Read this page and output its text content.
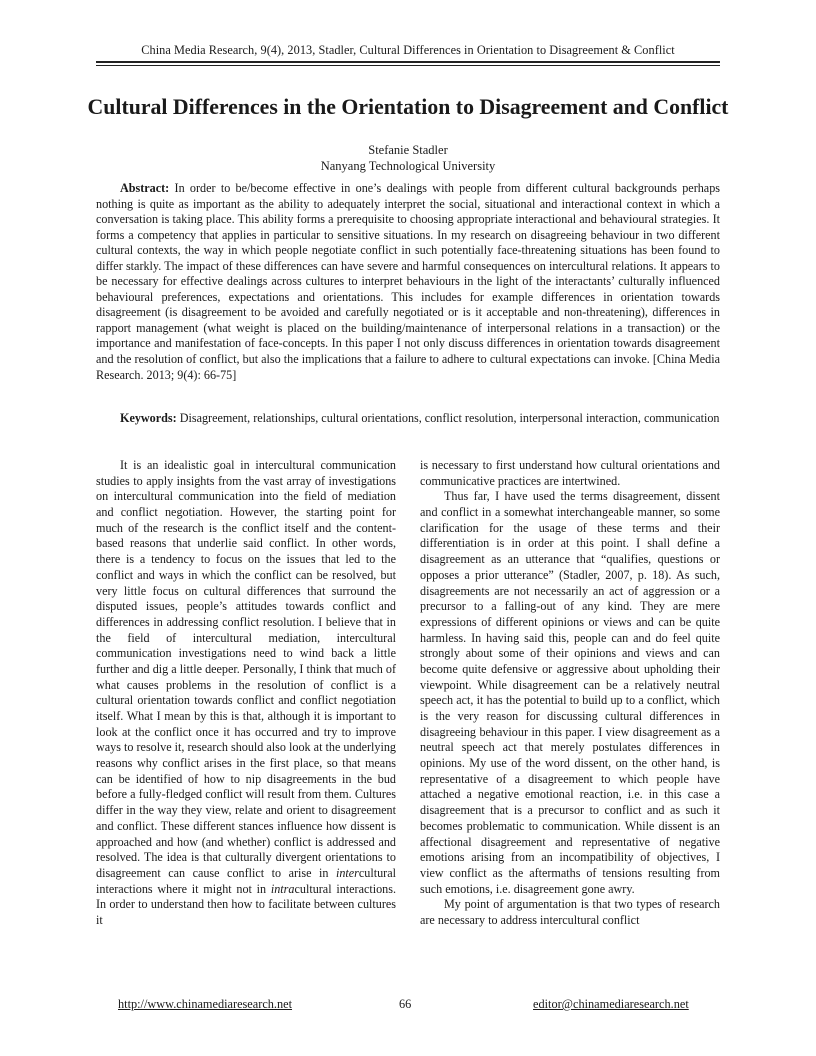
China Media Research, 9(4), 2013, Stadler, Cultural Differences in Orientation to Disagreement & Conflict
Cultural Differences in the Orientation to Disagreement and Conflict
Stefanie Stadler
Nanyang Technological University

Abstract: In order to be/become effective in one’s dealings with people from different cultural backgrounds perhaps nothing is quite as important as the ability to adequately interpret the social, situational and interactional context in which a conversation is taking place. This ability forms a prerequisite to choosing appropriate interactional and behavioural strategies. It forms a competency that applies in particular to sensitive situations. In my research on disagreeing behaviour in two different cultural contexts, the way in which people negotiate conflict in such potentially face-threatening situations has been found to differ starkly. The impact of these differences can have severe and harmful consequences on intercultural relations. It appears to be necessary for effective dealings across cultures to interpret behaviours in the light of the interactants’ culturally influenced behavioural preferences, expectations and orientations. This includes for example differences in orientation towards disagreement (is disagreement to be avoided and carefully negotiated or is it acceptable and non-threatening), differences in rapport management (what weight is placed on the building/maintenance of interpersonal relations in a transaction) or the importance and manifestation of face-concepts. In this paper I not only discuss differences in orientation towards disagreement and the resolution of conflict, but also the implications that a failure to adhere to cultural expectations can invoke. [China Media Research. 2013; 9(4): 66-75]

Keywords: Disagreement, relationships, cultural orientations, conflict resolution, interpersonal interaction, communication

It is an idealistic goal in intercultural communication studies to apply insights from the vast array of investigations on intercultural communication into the field of mediation and conflict negotiation. However, the starting point for much of the research is the conflict itself and the content-based reasons that underlie said conflict. In other words, there is a tendency to focus on the issues that led to the conflict and ways in which the conflict can be resolved, but very little focus on cultural differences that surround the disputed issues, people’s attitudes towards conflict and differences in addressing conflict resolution. I believe that in the field of intercultural mediation, intercultural communication investigations need to wind back a little further and dig a little deeper. Personally, I think that much of what causes problems in the resolution of conflict is a cultural orientation towards conflict and conflict negotiation itself. What I mean by this is that, although it is important to look at the conflict once it has occurred and try to improve ways to resolve it, research should also look at the underlying reasons why conflict arises in the first place, so that means can be identified of how to nip disagreements in the bud before a fully-fledged conflict will result from them. Cultures differ in the way they view, relate and orient to disagreement and conflict. These different stances influence how dissent is approached and how (and whether) conflict is addressed and resolved. The idea is that culturally divergent orientations to disagreement can cause conflict to arise in intercultural interactions where it might not in intracultural interactions. In order to understand then how to facilitate between cultures it

is necessary to first understand how cultural orientations and communicative practices are intertwined.

Thus far, I have used the terms disagreement, dissent and conflict in a somewhat interchangeable manner, so some clarification for the usage of these terms and their differentiation is in order at this point. I shall define a disagreement as an utterance that “qualifies, questions or opposes a prior utterance” (Stadler, 2007, p. 18). As such, disagreements are not necessarily an act of aggression or a precursor to a falling-out of any kind. They are mere expressions of different opinions or views and can be quite harmless. In having said this, people can and do feel quite strongly about some of their opinions and views and can become quite defensive or aggressive about upholding their viewpoint. While disagreement can be a relatively neutral speech act, it has the potential to build up to a conflict, which is the very reason for discussing cultural differences in disagreeing behaviour in this paper. I view disagreement as a neutral speech act that merely postulates differences in opinions. My use of the word dissent, on the other hand, is representative of a disagreement to which people have attached a negative emotional reaction, i.e. in this case a disagreement that is a precursor to conflict and as such it becomes problematic to communication. While dissent is an affectional disagreement and representative of negative emotions arising from an incompatibility of objectives, I view conflict as the aftermaths of tensions resulting from such emotions, i.e. disagreement gone awry.

My point of argumentation is that two types of research are necessary to address intercultural conflict

http://www.chinamediaresearch.net	66	editor@chinamediaresearch.net
